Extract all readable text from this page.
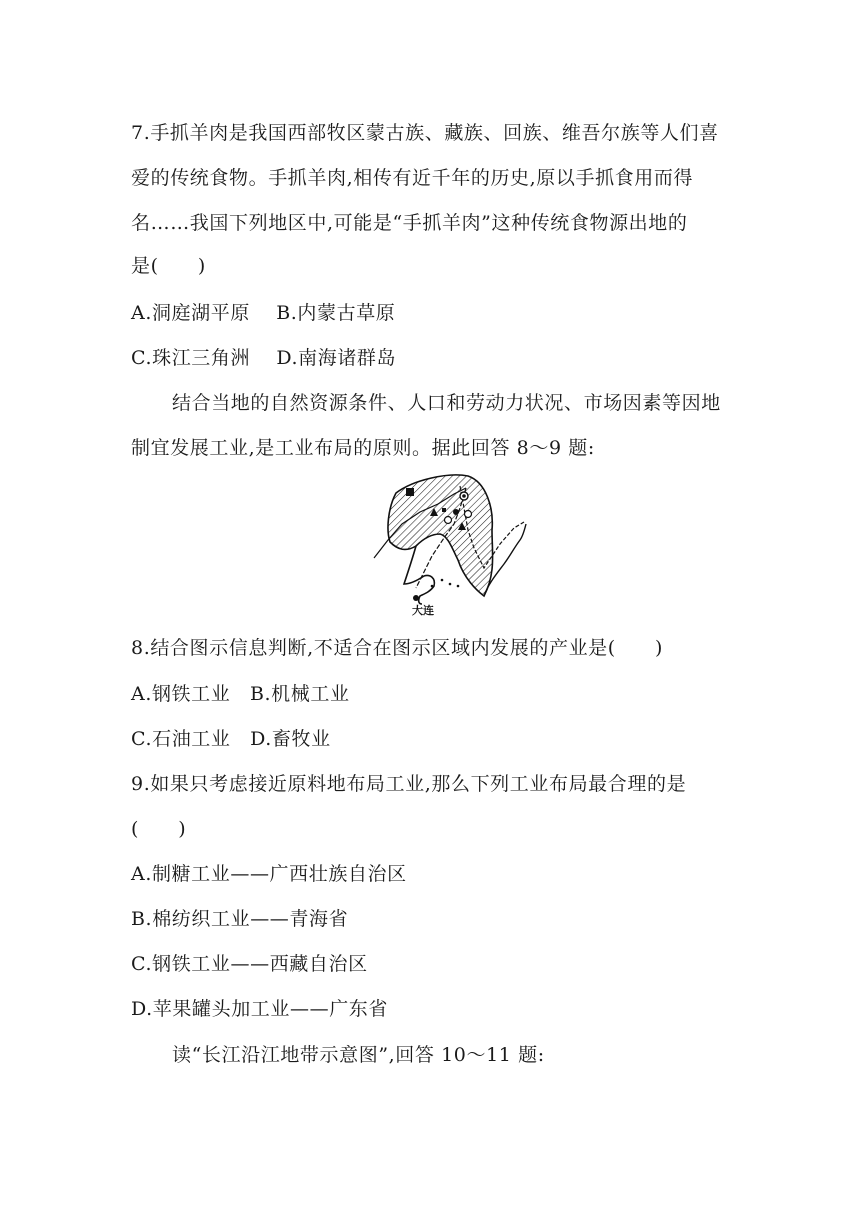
7.手抓羊肉是我国西部牧区蒙古族、藏族、回族、维吾尔族等人们喜
爱的传统食物。手抓羊肉,相传有近千年的历史,原以手抓食用而得
名……我国下列地区中,可能是“手抓羊肉”这种传统食物源出地的
是(　　)
A.洞庭湖平原　 B.内蒙古草原
C.珠江三角洲　 D.南海诸群岛
结合当地的自然资源条件、人口和劳动力状况、市场因素等因地
制宜发展工业,是工业布局的原则。据此回答 8～9 题:
大连
8.结合图示信息判断,不适合在图示区域内发展的产业是(　　)
A.钢铁工业　B.机械工业
C.石油工业　D.畜牧业
9.如果只考虑接近原料地布局工业,那么下列工业布局最合理的是
(　　)
A.制糖工业——广西壮族自治区
B.棉纺织工业——青海省
C.钢铁工业——西藏自治区
D.苹果罐头加工业——广东省
读“长江沿江地带示意图”,回答 10～11 题:
